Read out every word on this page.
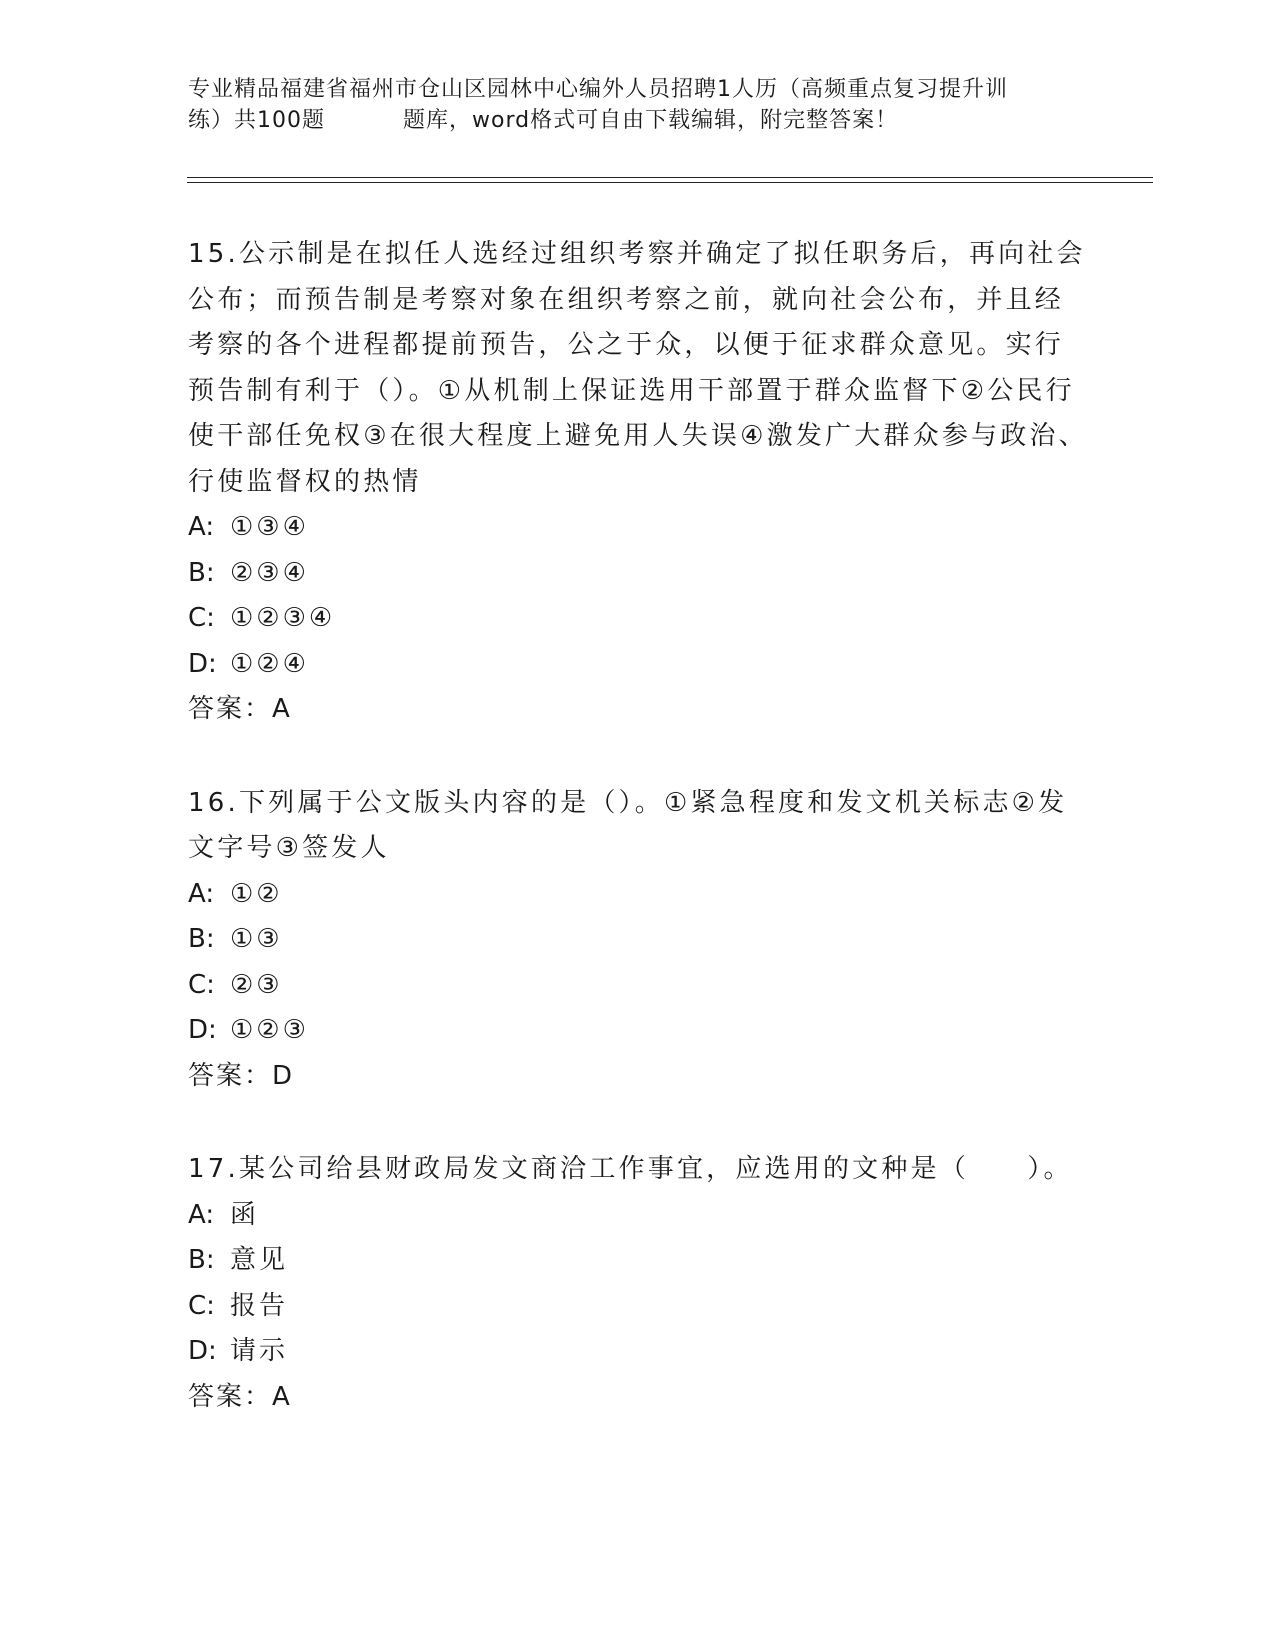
专业精品福建省福州市仓山区园林中心编外人员招聘1人历（高频重点复习提升训
练）共100题	题库，word格式可自由下载编辑，附完整答案！
15.公示制是在拟任人选经过组织考察并确定了拟任职务后，再向社会公布；而预告制是考察对象在组织考察之前，就向社会公布，并且经考察的各个进程都提前预告，公之于众，以便于征求群众意见。实行预告制有利于（）。①从机制上保证选用干部置于群众监督下②公民行使干部任免权③在很大程度上避免用人失误④激发广大群众参与政治、行使监督权的热情
A: ①③④
B: ②③④
C: ①②③④
D: ①②④
答案：A
16.下列属于公文版头内容的是（）。①紧急程度和发文机关标志②发文字号③签发人
A: ①②
B: ①③
C: ②③
D: ①②③
答案：D
17.某公司给县财政局发文商洽工作事宜，应选用的文种是（　　）。
A: 函
B: 意见
C: 报告
D: 请示
答案：A
